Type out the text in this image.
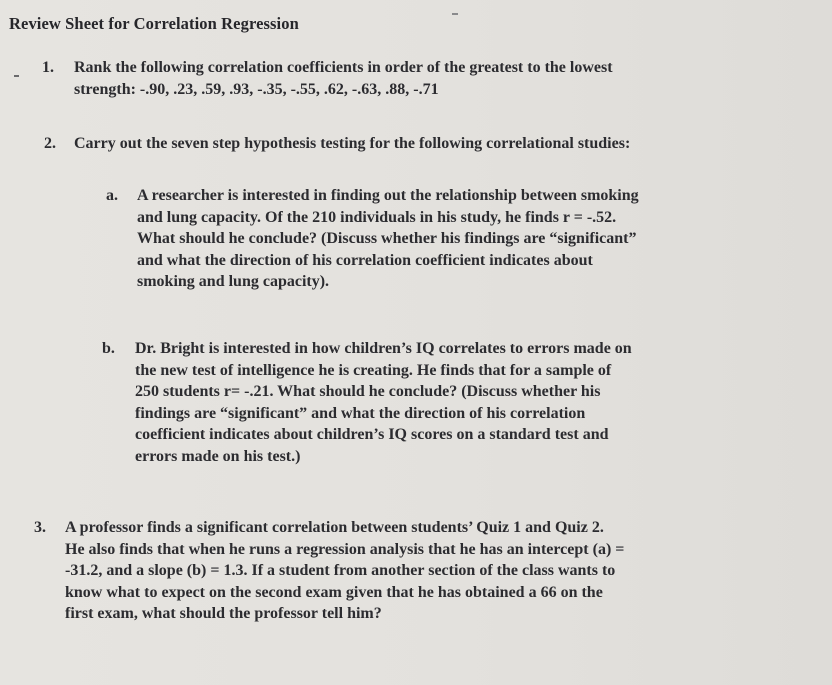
Review Sheet for Correlation Regression
1. Rank the following correlation coefficients in order of the greatest to the lowest
strength: -.90, .23, .59, .93, -.35, -.55, .62, -.63, .88, -.71
2. Carry out the seven step hypothesis testing for the following correlational studies:
a. A researcher is interested in finding out the relationship between smoking
and lung capacity. Of the 210 individuals in his study, he finds r = -.52.
What should he conclude? (Discuss whether his findings are “significant”
and what the direction of his correlation coefficient indicates about
smoking and lung capacity).
b. Dr. Bright is interested in how children’s IQ correlates to errors made on
the new test of intelligence he is creating. He finds that for a sample of
250 students r= -.21. What should he conclude? (Discuss whether his
findings are “significant” and what the direction of his correlation
coefficient indicates about children’s IQ scores on a standard test and
errors made on his test.)
3. A professor finds a significant correlation between students’ Quiz 1 and Quiz 2.
He also finds that when he runs a regression analysis that he has an intercept (a) =
-31.2, and a slope (b) = 1.3. If a student from another section of the class wants to
know what to expect on the second exam given that he has obtained a 66 on the
first exam, what should the professor tell him?
